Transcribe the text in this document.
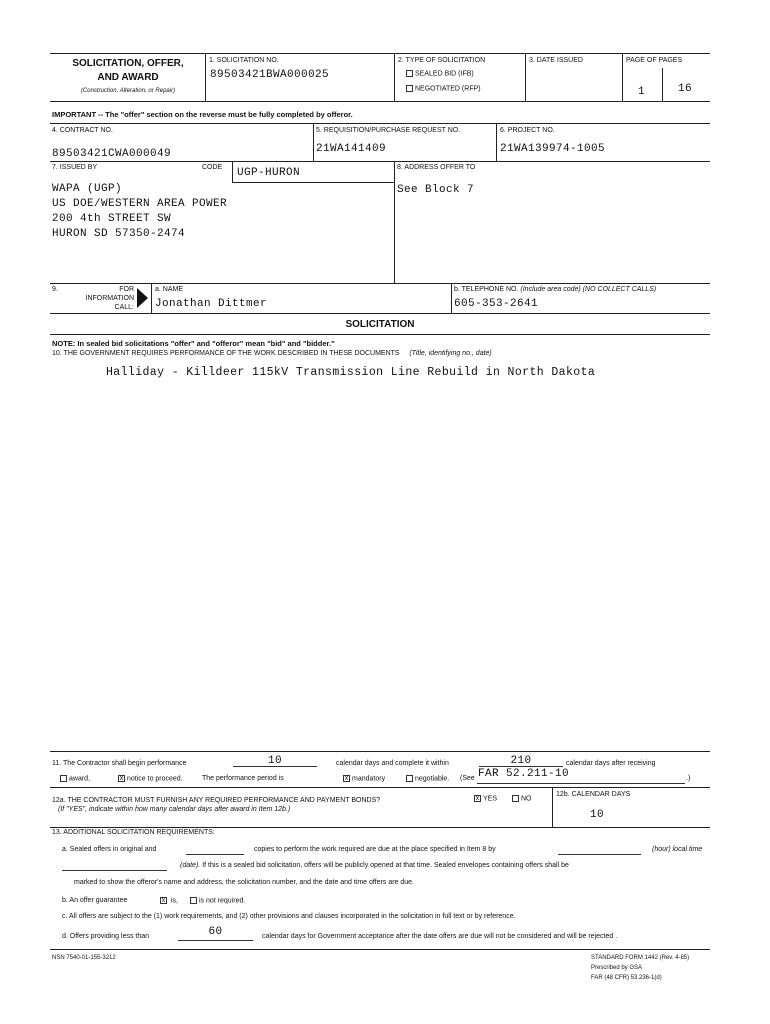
SOLICITATION, OFFER,
AND AWARD
(Construction, Alteration, or Repair)
1. SOLICITATION NO.
89503421BWA000025
2. TYPE OF SOLICITATION
SEALED BID (IFB)
NEGOTIATED (RFP)
3. DATE ISSUED	PAGE OF PAGES
1	16
IMPORTANT -- The "offer" section on the reverse must be fully completed by offeror.
4. CONTRACT NO.
89503421CWA000049
5. REQUISITION/PURCHASE REQUEST NO.
21WA141409
6. PROJECT NO.
21WA139974-1005
7. ISSUED BY	CODE UGP-HURON
WAPA (UGP)
US DOE/WESTERN AREA POWER
200 4th STREET SW
HURON SD 57350-2474
8. ADDRESS OFFER TO
See Block 7
9.	FOR
INFORMATION
CALL:
a. NAME
Jonathan Dittmer
b. TELEPHONE NO. (Include area code) (NO COLLECT CALLS)
605-353-2641
SOLICITATION
NOTE: In sealed bid solicitations "offer" and "offeror" mean "bid" and "bidder."
10. THE GOVERNMENT REQUIRES PERFORMANCE OF THE WORK DESCRIBED IN THESE DOCUMENTS (Title, identifying no., date)
Halliday - Killdeer 115kV Transmission Line Rebuild in North Dakota
11. The Contractor shall begin performance	10	calendar days and complete it within	210	calendar days after receiving
award, x	notice to proceed.	The performance period is x	mandatory	negotiable. (See FAR 52.211-10	.)
12a. THE CONTRACTOR MUST FURNISH ANY REQUIRED PERFORMANCE AND PAYMENT BONDS?
(If "YES", indicate within how many calendar days after award in Item 12b.)
xYES	NO
12b. CALENDAR DAYS
10
13. ADDITIONAL SOLICITATION REQUIREMENTS:
a. Sealed offers in original and	copies to perform the work required are due at the place specified in Item 8 by	(hour) local time
(date). If this is a sealed bid solicitation, offers will be publicly opened at that time. Sealed envelopes containing offers shall be
marked to show the offeror's name and address, the solicitation number, and the date and time offers are due.
b. An offer guarantee x	is,	is not required.
c. All offers are subject to the (1) work requirements, and (2) other provisions and clauses incorporated in the solicitation in full text or by reference.
d. Offers providing less than	60	calendar days for Government acceptance after the date offers are due will not be considered and will be rejected .
NSN 7540-01-155-3212	STANDARD FORM 1442 (Rev. 4-85)
Prescribed by GSA
FAR (48 CFR) 53.236-1(d)
